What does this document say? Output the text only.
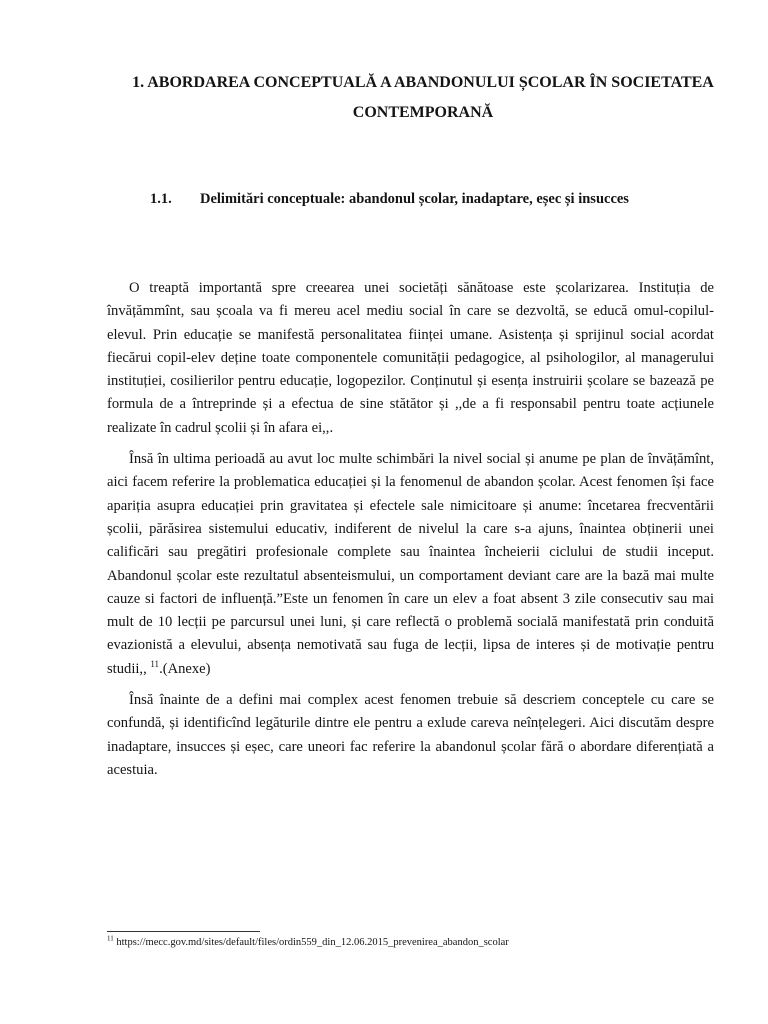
1. ABORDAREA CONCEPTUALĂ A ABANDONULUI ȘCOLAR ÎN SOCIETATEA CONTEMPORANĂ
1.1. Delimitări conceptuale: abandonul școlar, inadaptare, eșec și insucces

O treaptă importantă spre creearea unei societăți sănătoase este școlarizarea. Instituția de învățămmînt, sau școala va fi mereu acel mediu social în care se dezvoltă, se educă omul-copilul-elevul. Prin educație se manifestă personalitatea ființei umane. Asistența și sprijinul social acordat fiecărui copil-elev deține toate componentele comunității pedagogice, al psihologilor, al managerului instituției, cosilierilor pentru educație, logopezilor. Conținutul și esența instruirii școlare se bazează pe formula de a întreprinde și a efectua de sine stătător și ,,de a fi responsabil pentru toate acțiunele realizate în cadrul școlii și în afara ei,,.

Însă în ultima perioadă au avut loc multe schimbări la nivel social și anume pe plan de învățămînt, aici facem referire la problematica educației și la fenomenul de abandon școlar. Acest fenomen își face apariția asupra educației prin gravitatea și efectele sale nimicitoare și anume: încetarea frecventării școlii, părăsirea sistemului educativ, indiferent de nivelul la care s-a ajuns, înaintea obținerii unei calificări sau pregătiri profesionale complete sau înaintea încheierii ciclului de studii inceput. Abandonul școlar este rezultatul absenteismului, un comportament deviant care are la bază mai multe cauze si factori de influență.”Este un fenomen în care un elev a foat absent 3 zile consecutiv sau mai mult de 10 lecții pe parcursul unei luni, și care reflectă o problemă socială manifestată prin conduită evazionistă a elevului, absența nemotivată sau fuga de lecții, lipsa de interes și de motivație pentru studii,, $^{11}$.(Anexe)

Însă înainte de a defini mai complex acest fenomen trebuie să descriem conceptele cu care se confundă, și identificînd legăturile dintre ele pentru a exlude careva neînțelegeri. Aici discutăm despre inadaptare, insucces și eșec, care uneori fac referire la abandonul școlar fără o abordare diferențiată a acestuia.

$^{11}$ https://mecc.gov.md/sites/default/files/ordin559_din_12.06.2015_prevenirea_abandon_scolar
